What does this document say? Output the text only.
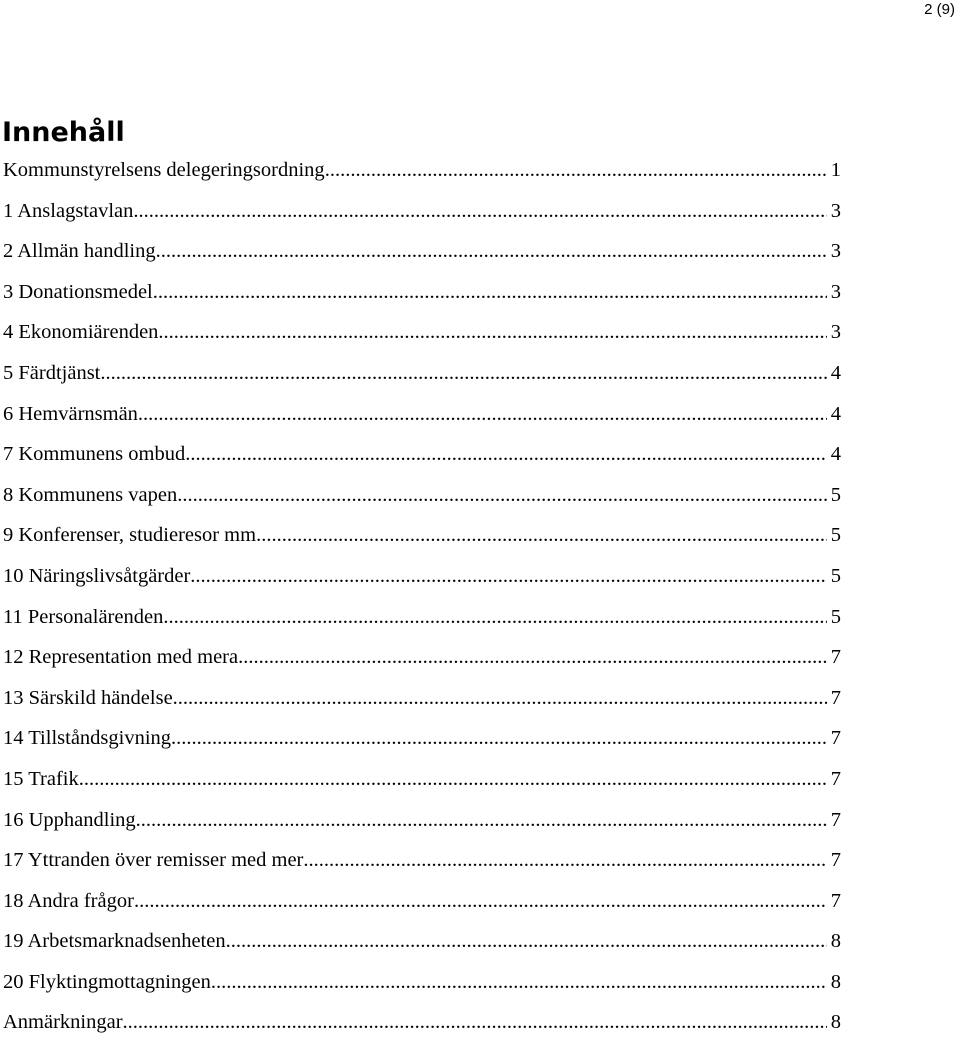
2 (9)
Innehåll
Kommunstyrelsens delegeringsordning .....	1
1 Anslagstavlan .....	3
2 Allmän handling .....	3
3 Donationsmedel .....	3
4 Ekonomiärenden .....	3
5 Färdtjänst .....	4
6 Hemvärnsmän .....	4
7 Kommunens ombud .....	4
8 Kommunens vapen .....	5
9 Konferenser, studieresor mm .....	5
10 Näringslivsåtgärder .....	5
11 Personalärenden .....	5
12 Representation med mera .....	7
13 Särskild händelse .....	7
14 Tillståndsgivning .....	7
15 Trafik .....	7
16 Upphandling .....	7
17 Yttranden över remisser med mer .....	7
18 Andra frågor .....	7
19 Arbetsmarknadsenheten .....	8
20 Flyktingmottagningen .....	8
Anmärkningar .....	8
